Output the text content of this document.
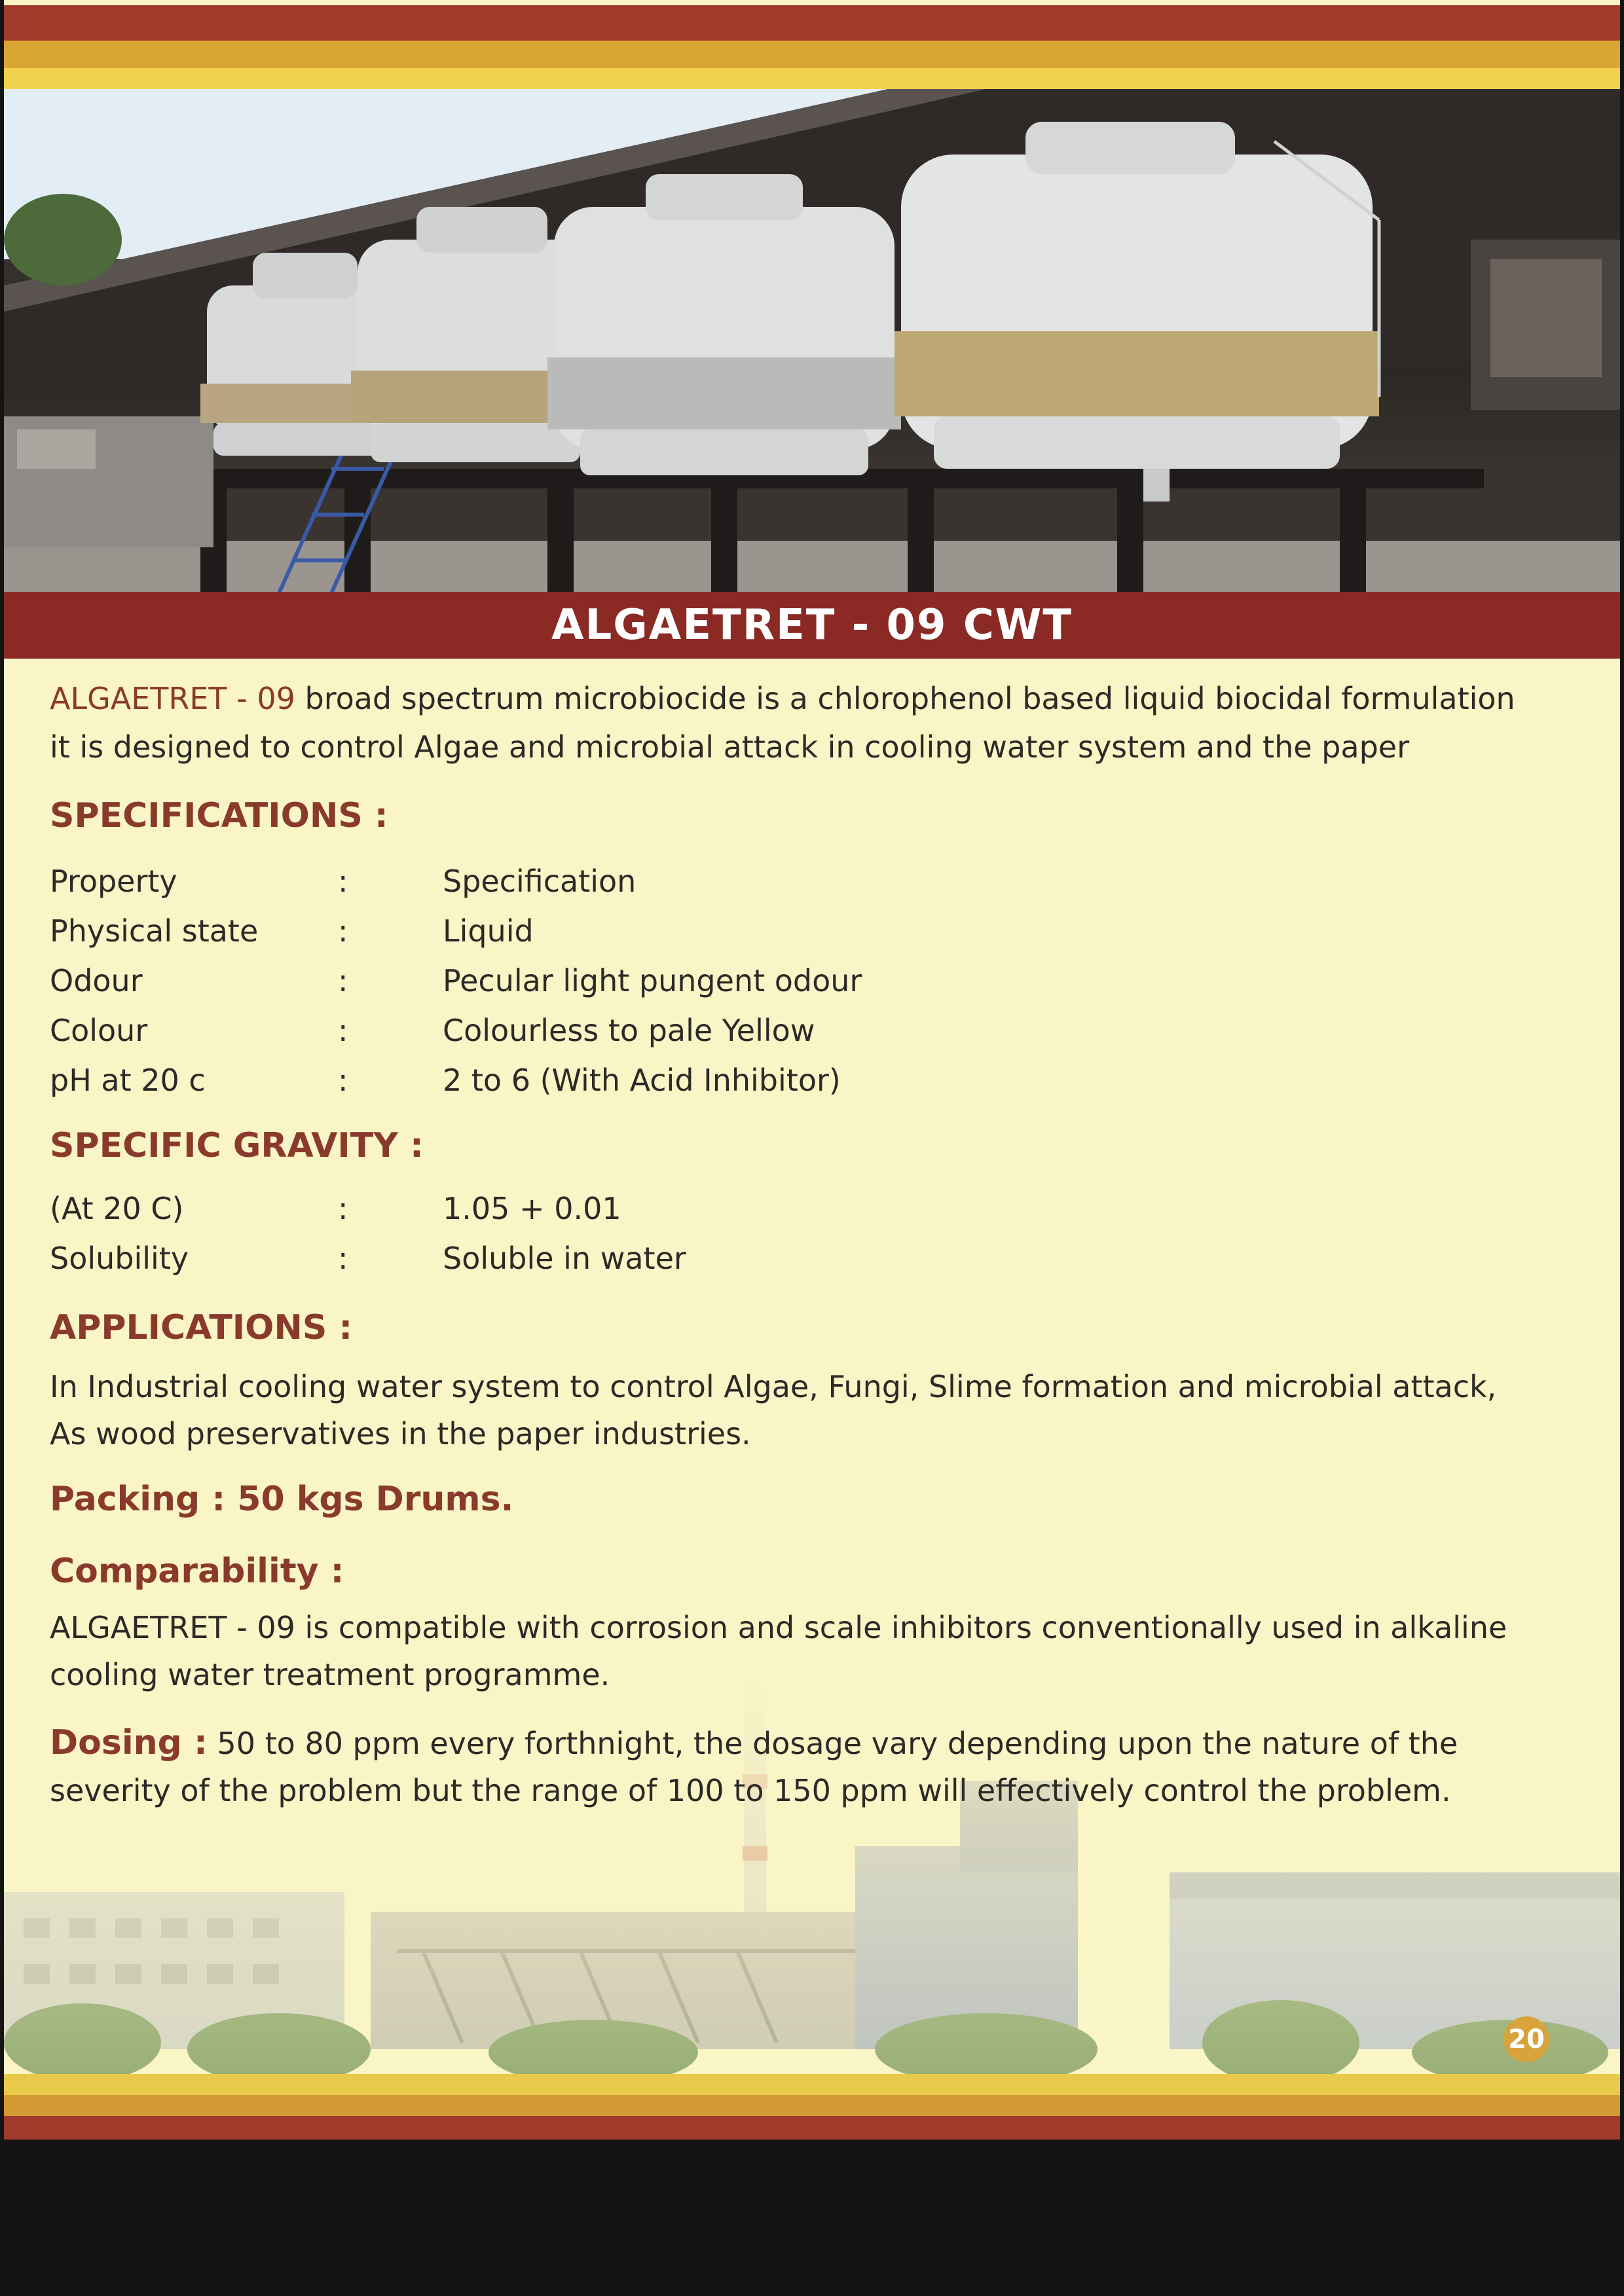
ALGAETRET - 09 CWT
ALGAETRET - 09 broad spectrum microbiocide is a chlorophenol based liquid biocidal formulation
it is designed to control Algae and microbial attack in cooling water system and the paper
SPECIFICATIONS :
Property	:	Specification
Physical state	:	Liquid
Odour	:	Pecular light pungent odour
Colour	:	Colourless to pale Yellow
pH at 20 c	:	2 to 6 (With Acid Inhibitor)
SPECIFIC GRAVITY :
(At 20 C)	:	1.05 + 0.01
Solubility	:	Soluble in water
APPLICATIONS :
In Industrial cooling water system to control Algae, Fungi, Slime formation and microbial attack,
As wood preservatives in the paper industries.
Packing : 50 kgs Drums.
Comparability :
ALGAETRET - 09 is compatible with corrosion and scale inhibitors conventionally used in alkaline
cooling water treatment programme.
Dosing : 50 to 80 ppm every forthnight, the dosage vary depending upon the nature of the
severity of the problem but the range of 100 to 150 ppm will effectively control the problem.
20
